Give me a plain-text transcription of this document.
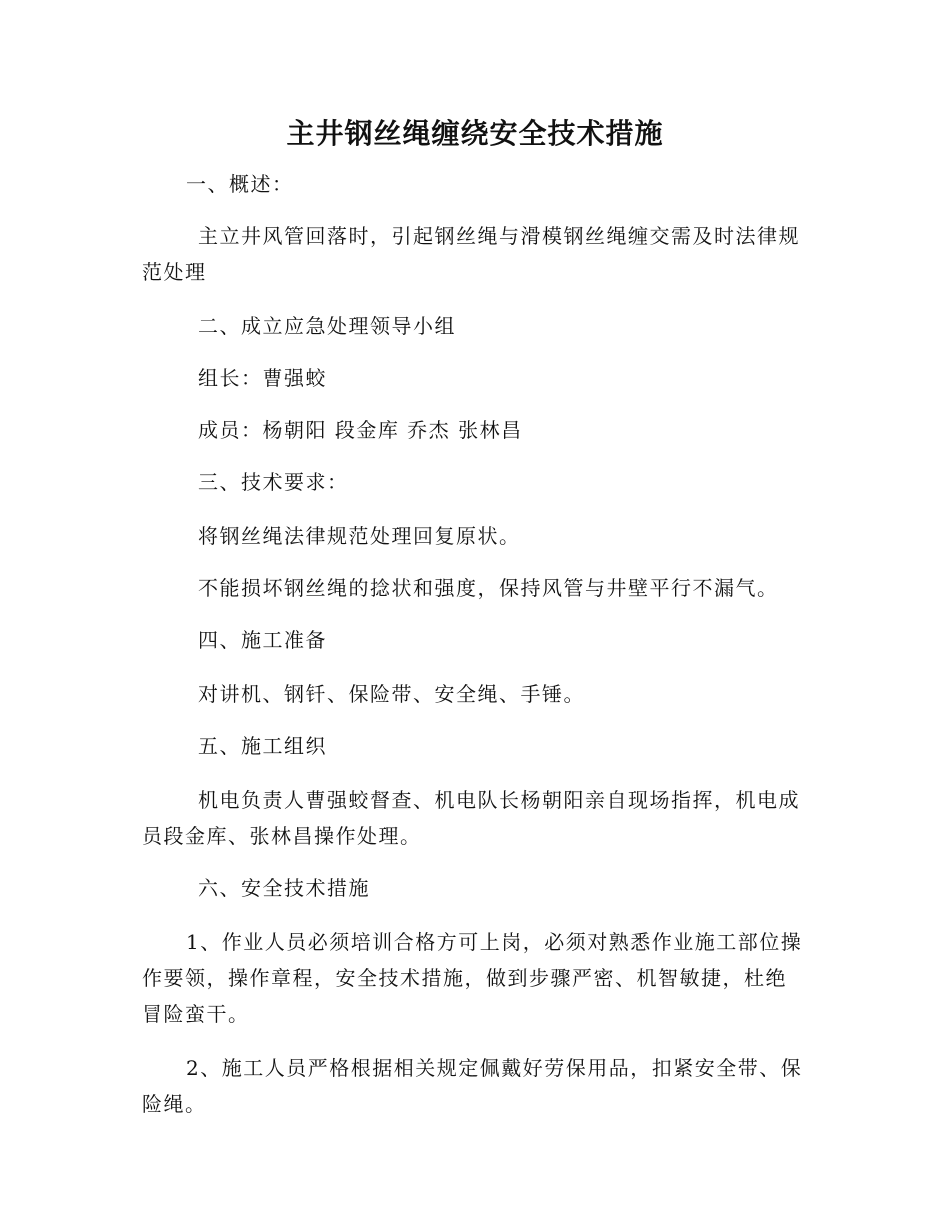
主井钢丝绳缠绕安全技术措施
一、概述：
主立井风管回落时，引起钢丝绳与滑模钢丝绳缠交需及时法律规
范处理
二、成立应急处理领导小组
组长：曹强蛟
成员：杨朝阳 段金库 乔杰 张林昌
三、技术要求：
将钢丝绳法律规范处理回复原状。
不能损坏钢丝绳的捻状和强度，保持风管与井壁平行不漏气。
四、施工准备
对讲机、钢钎、保险带、安全绳、手锤。
五、施工组织
机电负责人曹强蛟督查、机电队长杨朝阳亲自现场指挥，机电成
员段金库、张林昌操作处理。
六、安全技术措施
1、作业人员必须培训合格方可上岗，必须对熟悉作业施工部位操
作要领，操作章程，安全技术措施，做到步骤严密、机智敏捷，杜绝
冒险蛮干。
2、施工人员严格根据相关规定佩戴好劳保用品，扣紧安全带、保
险绳。
